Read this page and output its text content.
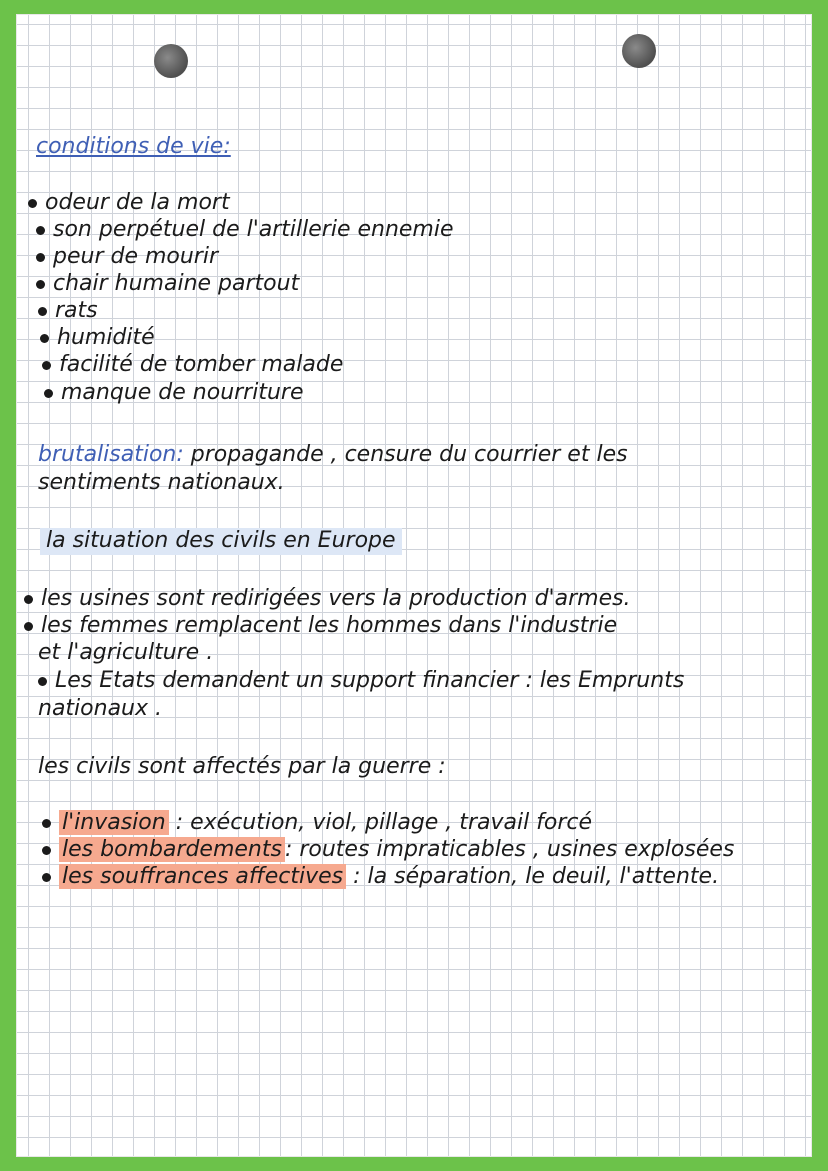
conditions de vie:
odeur de la mort
son perpétuel de l'artillerie ennemie
peur de mourir
chair humaine partout
rats
humidité
facilité de tomber malade
manque de nourriture
brutalisation: propagande , censure du courrier et les
sentiments nationaux.
la situation des civils en Europe
les usines sont redirigées vers la production d'armes.
les femmes remplacent les hommes dans l'industrie
et l'agriculture .
Les Etats demandent un support financier : les Emprunts
nationaux .
les civils sont affectés par la guerre :
l'invasion : exécution, viol, pillage , travail forcé
les bombardements : routes impraticables , usines explosées
les souffrances affectives : la séparation, le deuil, l'attente.
